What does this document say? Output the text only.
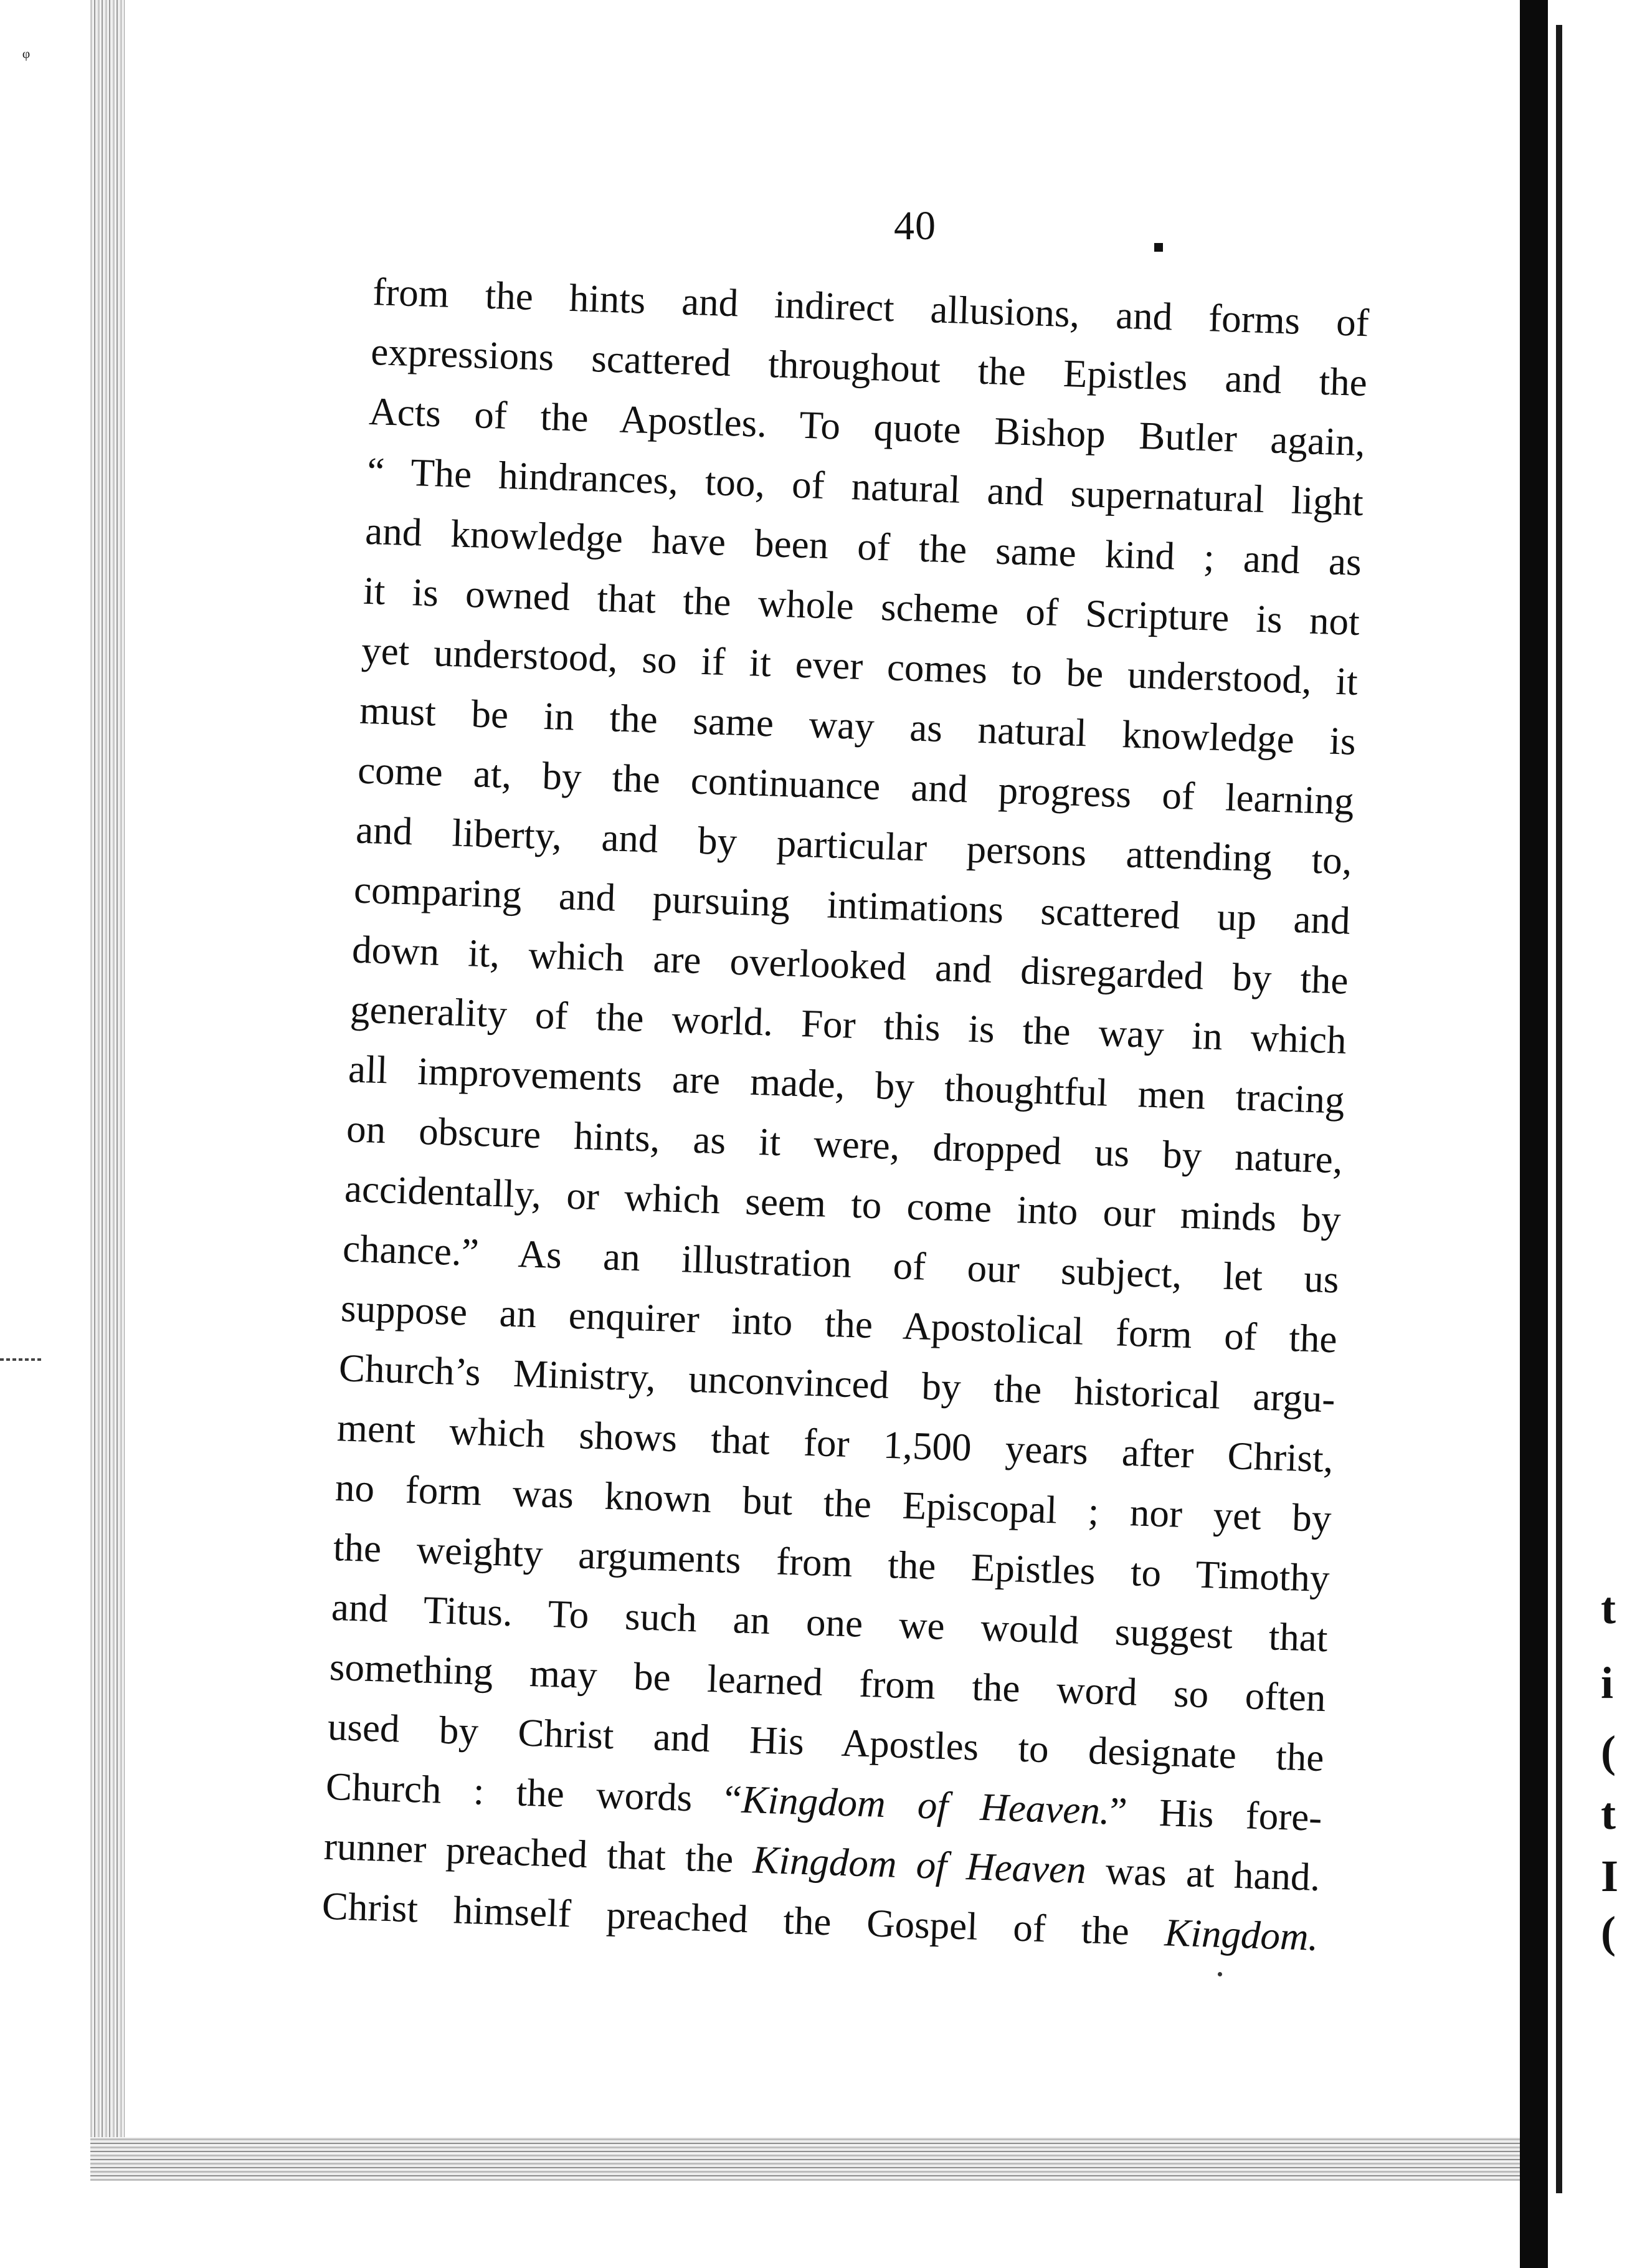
ᵠ
t
i
(
t
I
(
40
from the hints and indirect allusions, and forms of
expressions scattered throughout the Epistles and the
Acts of the Apostles. To quote Bishop Butler again,
“ The hindrances, too, of natural and supernatural light
and knowledge have been of the same kind ; and as
it is owned that the whole scheme of Scripture is not
yet understood, so if it ever comes to be understood, it
must be in the same way as natural knowledge is
come at, by the continuance and progress of learning
and liberty, and by particular persons attending to,
comparing and pursuing intimations scattered up and
down it, which are overlooked and disregarded by the
generality of the world. For this is the way in which
all improvements are made, by thoughtful men tracing
on obscure hints, as it were, dropped us by nature,
accidentally, or which seem to come into our minds by
chance.” As an illustration of our subject, let us
suppose an enquirer into the Apostolical form of the
Church’s Ministry, unconvinced by the historical argu-
ment which shows that for 1,500 years after Christ,
no form was known but the Episcopal ; nor yet by
the weighty arguments from the Epistles to Timothy
and Titus. To such an one we would suggest that
something may be learned from the word so often
used by Christ and His Apostles to designate the
Church : the words “Kingdom of Heaven.” His fore-
runner preached that the Kingdom of Heaven was at hand.
Christ himself preached the Gospel of the Kingdom.
